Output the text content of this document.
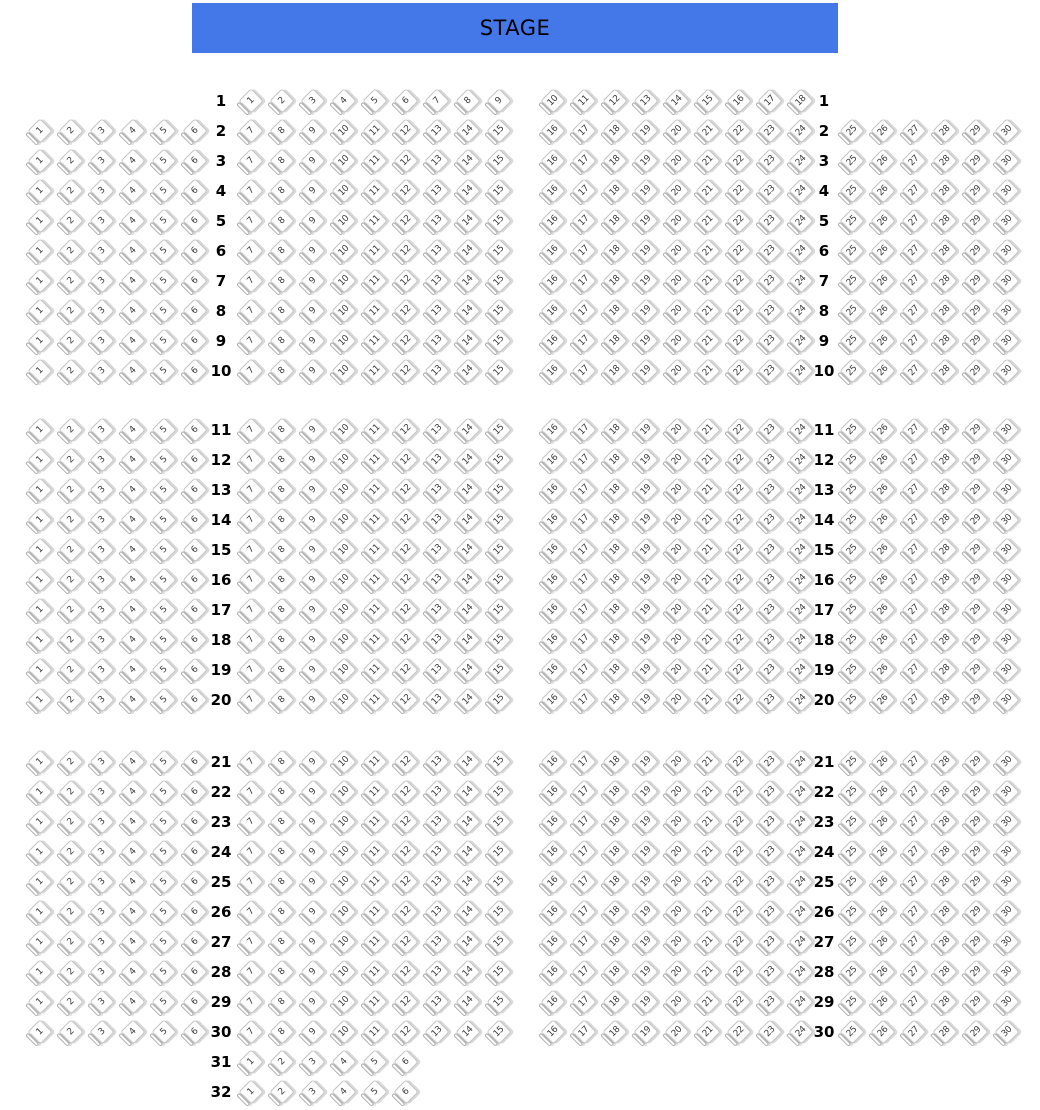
STAGE
1	1
1 2 3 4 5 6 7 8 9	10 11 12 13 14 15 16 17 18
2	2
1 2 3 4 5 6	7 8 9 10 11 12 13 14 15	16 17 18 19 20 21 22 23 24	25 26 27 28 29 30
3	3
1 2 3 4 5 6	7 8 9 10 11 12 13 14 15	16 17 18 19 20 21 22 23 24	25 26 27 28 29 30
4	4
1 2 3 4 5 6	7 8 9 10 11 12 13 14 15	16 17 18 19 20 21 22 23 24	25 26 27 28 29 30
5	5
1 2 3 4 5 6	7 8 9 10 11 12 13 14 15	16 17 18 19 20 21 22 23 24	25 26 27 28 29 30
6	6
1 2 3 4 5 6	7 8 9 10 11 12 13 14 15	16 17 18 19 20 21 22 23 24	25 26 27 28 29 30
7	7
1 2 3 4 5 6	7 8 9 10 11 12 13 14 15	16 17 18 19 20 21 22 23 24	25 26 27 28 29 30
8	8
1 2 3 4 5 6	7 8 9 10 11 12 13 14 15	16 17 18 19 20 21 22 23 24	25 26 27 28 29 30
9	9
1 2 3 4 5 6	7 8 9 10 11 12 13 14 15	16 17 18 19 20 21 22 23 24	25 26 27 28 29 30
10	10
1 2 3 4 5 6	7 8 9 10 11 12 13 14 15	16 17 18 19 20 21 22 23 24	25 26 27 28 29 30
11	11
1 2 3 4 5 6	7 8 9 10 11 12 13 14 15	16 17 18 19 20 21 22 23 24	25 26 27 28 29 30
12	12
1 2 3 4 5 6	7 8 9 10 11 12 13 14 15	16 17 18 19 20 21 22 23 24	25 26 27 28 29 30
13	13
1 2 3 4 5 6	7 8 9 10 11 12 13 14 15	16 17 18 19 20 21 22 23 24	25 26 27 28 29 30
14	14
1 2 3 4 5 6	7 8 9 10 11 12 13 14 15	16 17 18 19 20 21 22 23 24	25 26 27 28 29 30
15	15
1 2 3 4 5 6	7 8 9 10 11 12 13 14 15	16 17 18 19 20 21 22 23 24	25 26 27 28 29 30
16	16
1 2 3 4 5 6	7 8 9 10 11 12 13 14 15	16 17 18 19 20 21 22 23 24	25 26 27 28 29 30
17	17
1 2 3 4 5 6	7 8 9 10 11 12 13 14 15	16 17 18 19 20 21 22 23 24	25 26 27 28 29 30
18	18
1 2 3 4 5 6	7 8 9 10 11 12 13 14 15	16 17 18 19 20 21 22 23 24	25 26 27 28 29 30
19	19
1 2 3 4 5 6	7 8 9 10 11 12 13 14 15	16 17 18 19 20 21 22 23 24	25 26 27 28 29 30
20	20
1 2 3 4 5 6	7 8 9 10 11 12 13 14 15	16 17 18 19 20 21 22 23 24	25 26 27 28 29 30
21	21
1 2 3 4 5 6	7 8 9 10 11 12 13 14 15	16 17 18 19 20 21 22 23 24	25 26 27 28 29 30
22	22
1 2 3 4 5 6	7 8 9 10 11 12 13 14 15	16 17 18 19 20 21 22 23 24	25 26 27 28 29 30
23	23
1 2 3 4 5 6	7 8 9 10 11 12 13 14 15	16 17 18 19 20 21 22 23 24	25 26 27 28 29 30
24	24
1 2 3 4 5 6	7 8 9 10 11 12 13 14 15	16 17 18 19 20 21 22 23 24	25 26 27 28 29 30
25	25
1 2 3 4 5 6	7 8 9 10 11 12 13 14 15	16 17 18 19 20 21 22 23 24	25 26 27 28 29 30
26	26
1 2 3 4 5 6	7 8 9 10 11 12 13 14 15	16 17 18 19 20 21 22 23 24	25 26 27 28 29 30
27	27
1 2 3 4 5 6	7 8 9 10 11 12 13 14 15	16 17 18 19 20 21 22 23 24	25 26 27 28 29 30
28	28
1 2 3 4 5 6	7 8 9 10 11 12 13 14 15	16 17 18 19 20 21 22 23 24	25 26 27 28 29 30
29	29
1 2 3 4 5 6	7 8 9 10 11 12 13 14 15	16 17 18 19 20 21 22 23 24	25 26 27 28 29 30
30	30
1 2 3 4 5 6	7 8 9 10 11 12 13 14 15	16 17 18 19 20 21 22 23 24	25 26 27 28 29 30
31 1 2 3 4 5 6
32 1 2 3 4 5 6
